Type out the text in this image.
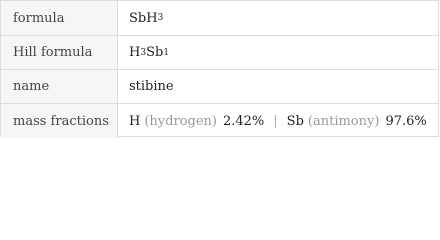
formula	SbH 3
Hill formula	H 3 Sb 1
name	stibine
mass fractions	H (hydrogen) 2.42% | Sb (antimony) 97.6%
